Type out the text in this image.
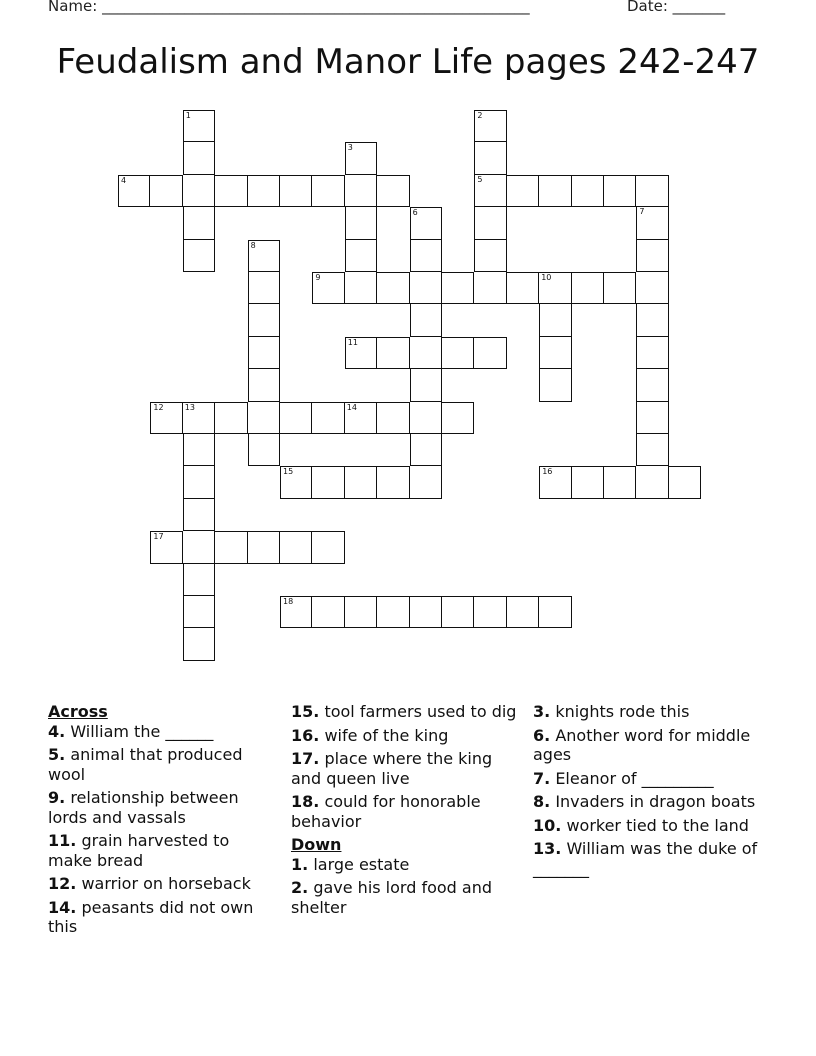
Name: _________________________________________________________	Date: _______
Feudalism and Manor Life pages 242-247
1	2
5
3
4
6	7
8
9	10
11
12	13	14
15	16
17
18
Across
4. William the ______
5. animal that produced wool
9. relationship between lords and vassals
11. grain harvested to make bread
12. warrior on horseback
14. peasants did not own this
15. tool farmers used to dig
16. wife of the king
17. place where the king and queen live
18. could for honorable behavior
Down
1. large estate
2. gave his lord food and shelter
3. knights rode this
6. Another word for middle ages
7. Eleanor of _________
8. Invaders in dragon boats
10. worker tied to the land
13. William was the duke of _______
